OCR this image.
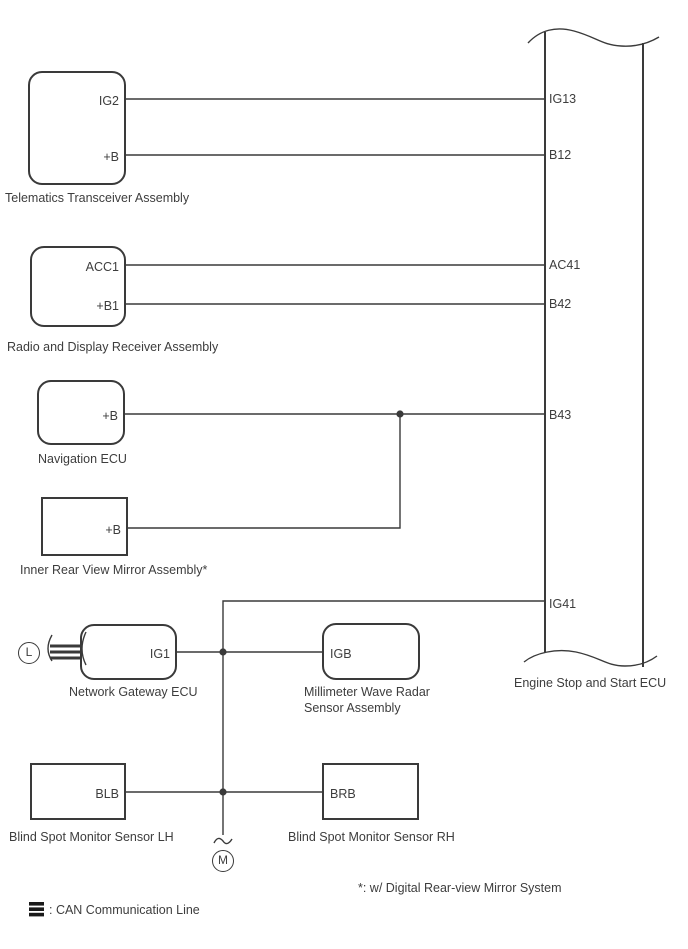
IG2
+B
Telematics Transceiver Assembly
ACC1
+B1
Radio and Display Receiver Assembly
+B
Navigation ECU
+B
Inner Rear View Mirror Assembly*
IG1
Network Gateway ECU
IGB
Millimeter Wave Radar
Sensor Assembly
BLB
Blind Spot Monitor Sensor LH
BRB
Blind Spot Monitor Sensor RH
IG13
B12
AC41
B42
B43
IG41
Engine Stop and Start ECU
L
M
*: w/ Digital Rear-view Mirror System
: CAN Communication Line
